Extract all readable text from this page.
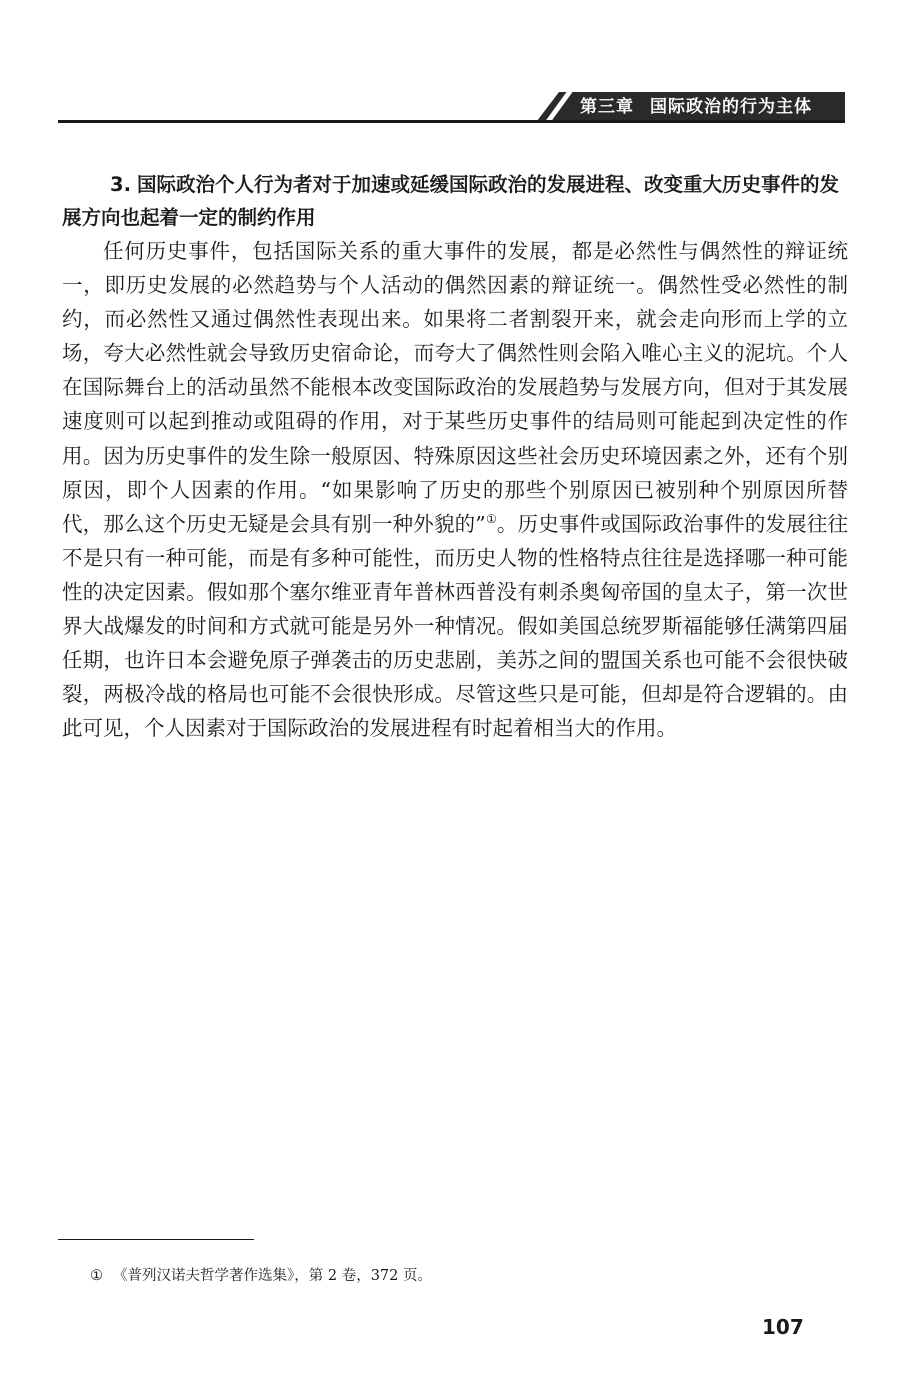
第三章 国际政治的行为主体
3. 国际政治个人行为者对于加速或延缓国际政治的发展进程、改变重大历史事件的发展方向也起着一定的制约作用

任何历史事件，包括国际关系的重大事件的发展，都是必然性与偶然性的辩证统一，即历史发展的必然趋势与个人活动的偶然因素的辩证统一。偶然性受必然性的制约，而必然性又通过偶然性表现出来。如果将二者割裂开来，就会走向形而上学的立场，夸大必然性就会导致历史宿命论，而夸大了偶然性则会陷入唯心主义的泥坑。个人在国际舞台上的活动虽然不能根本改变国际政治的发展趋势与发展方向，但对于其发展速度则可以起到推动或阻碍的作用，对于某些历史事件的结局则可能起到决定性的作用。因为历史事件的发生除一般原因、特殊原因这些社会历史环境因素之外，还有个别原因，即个人因素的作用。“如果影响了历史的那些个别原因已被别种个别原因所替代，那么这个历史无疑是会具有别一种外貌的”①。历史事件或国际政治事件的发展往往不是只有一种可能，而是有多种可能性，而历史人物的性格特点往往是选择哪一种可能性的决定因素。假如那个塞尔维亚青年普林西普没有刺杀奥匈帝国的皇太子，第一次世界大战爆发的时间和方式就可能是另外一种情况。假如美国总统罗斯福能够任满第四届任期，也许日本会避免原子弹袭击的历史悲剧，美苏之间的盟国关系也可能不会很快破裂，两极冷战的格局也可能不会很快形成。尽管这些只是可能，但却是符合逻辑的。由此可见，个人因素对于国际政治的发展进程有时起着相当大的作用。

① 《普列汉诺夫哲学著作选集》，第 2 卷，372 页。
107
